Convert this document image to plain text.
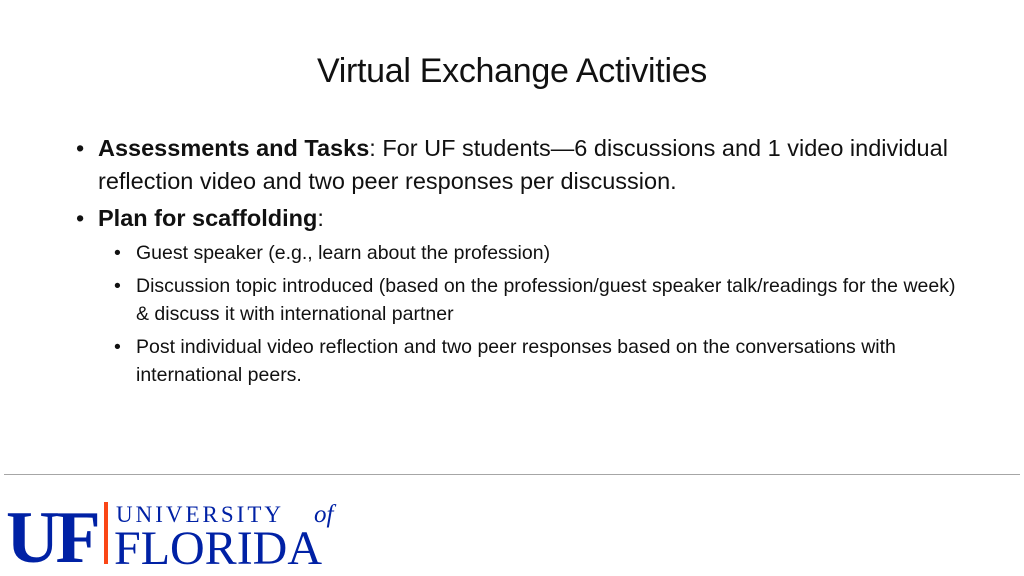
Virtual Exchange Activities
• Assessments and Tasks: For UF students—6 discussions and 1 video individual reflection video and two peer responses per discussion.
• Plan for scaffolding:
• Guest speaker (e.g., learn about the profession)
• Discussion topic introduced (based on the profession/guest speaker talk/readings for the week) & discuss it with international partner
• Post individual video reflection and two peer responses based on the conversations with international peers.
UF UNIVERSITY of
FLORIDA
